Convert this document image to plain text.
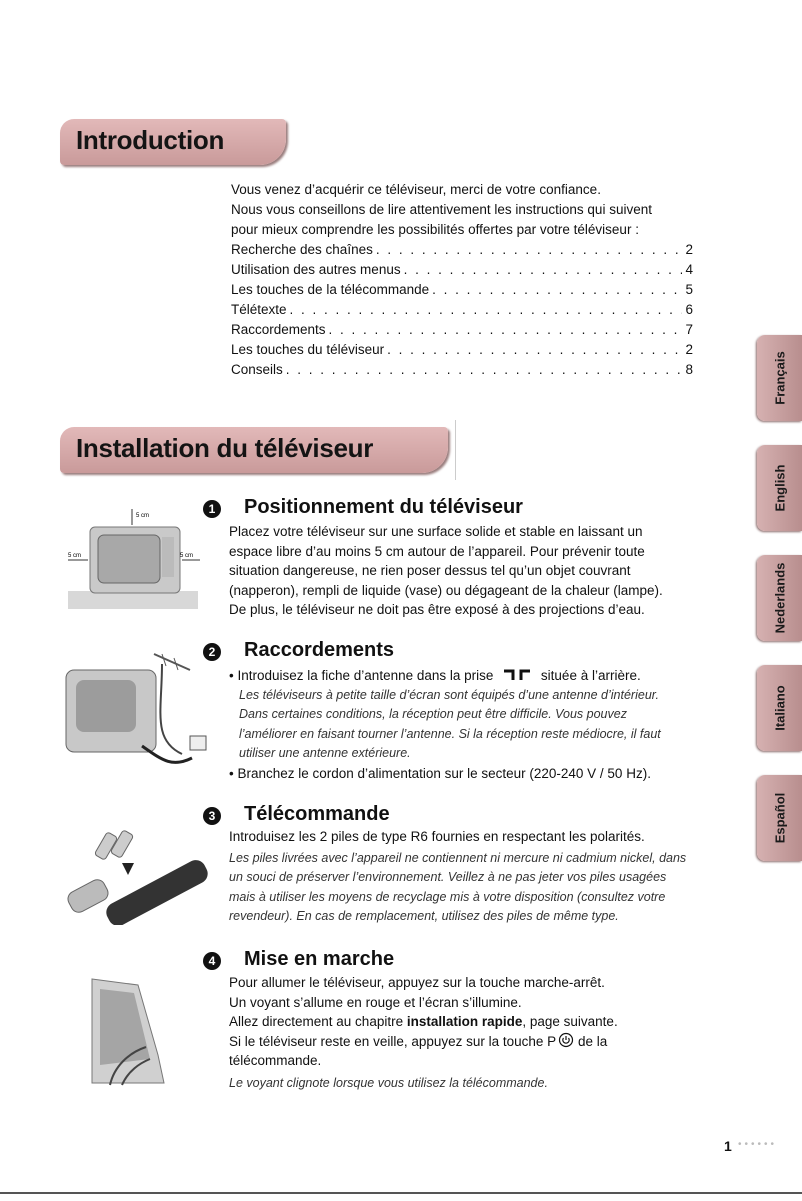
Introduction
Vous venez d’acquérir ce téléviseur, merci de votre confiance.
Nous vous conseillons de lire attentivement les instructions qui suivent
pour mieux comprendre les possibilités offertes par votre téléviseur :
Recherche des chaînes . . .	2
Utilisation des autres menus . . .	4
Les touches de la télécommande . . .	5
Télétexte . . .	6
Raccordements . . .	7
Les touches du téléviseur . . .	2
Conseils . . .	8
Installation du téléviseur
Français
English
Nederlands
Italiano
Español
5 cm
5 cm	5 cm
1 Positionnement du téléviseur
Placez votre téléviseur sur une surface solide et stable en laissant un
espace libre d’au moins 5 cm autour de l’appareil. Pour prévenir toute
situation dangereuse, ne rien poser dessus tel qu’un objet couvrant
(napperon), rempli de liquide (vase) ou dégageant de la chaleur (lampe).
De plus, le téléviseur ne doit pas être exposé à des projections d’eau.
2 Raccordements
• Introduisez la fiche d’antenne dans la prise	située à l’arrière.
Les téléviseurs à petite taille d’écran sont équipés d’une antenne d’intérieur.
Dans certaines conditions, la réception peut être difficile. Vous pouvez
l’améliorer en faisant tourner l’antenne. Si la réception reste médiocre, il faut
utiliser une antenne extérieure.
• Branchez le cordon d’alimentation sur le secteur (220-240 V / 50 Hz).
3 Télécommande
Introduisez les 2 piles de type R6 fournies en respectant les polarités.
Les piles livrées avec l’appareil ne contiennent ni mercure ni cadmium nickel, dans
un souci de préserver l’environnement. Veillez à ne pas jeter vos piles usagées
mais à utiliser les moyens de recyclage mis à votre disposition (consultez votre
revendeur). En cas de remplacement, utilisez des piles de même type.
4 Mise en marche
Pour allumer le téléviseur, appuyez sur la touche marche-arrêt.
Un voyant s’allume en rouge et l’écran s’illumine.
Allez directement au chapitre installation rapide, page suivante.
Si le téléviseur reste en veille, appuyez sur la touche P de la
télécommande.
Le voyant clignote lorsque vous utilisez la télécommande.
1 ••••••
